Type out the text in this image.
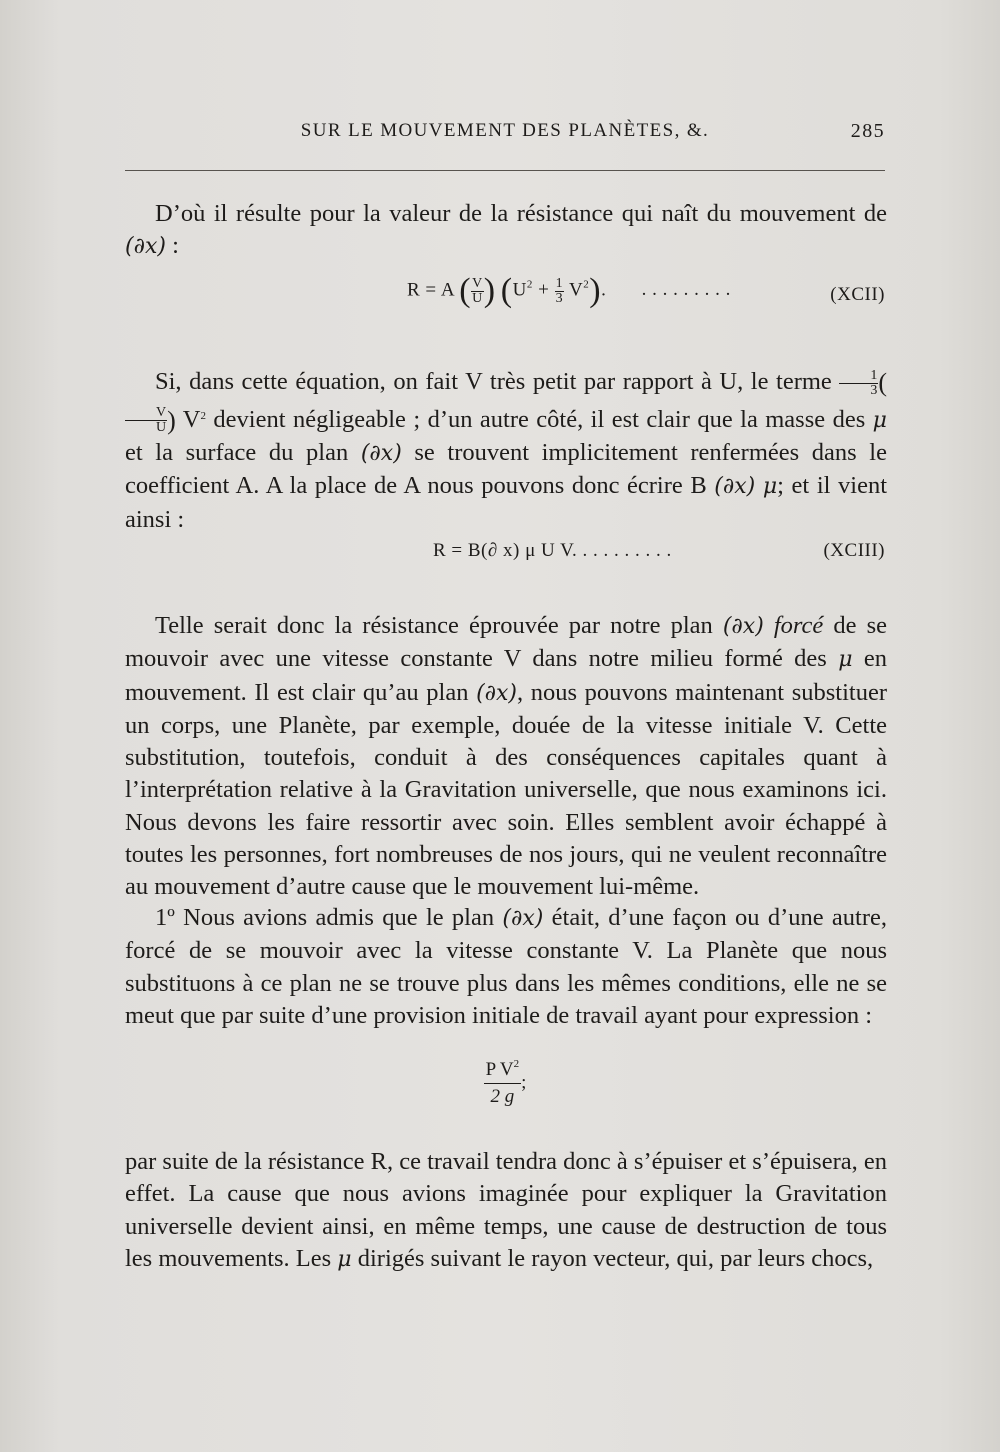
SUR LE MOUVEMENT DES PLANÈTES, &.	285

D’où il résulte pour la valeur de la résistance qui naît du mouvement de (∂x) :

R = A ( $\frac{V}{U}$ ) $(U^2 + \frac{1}{3} V^2)$. . . . . . . . . .	(XCII)

Si, dans cette équation, on fait V très petit par rapport à U, le terme $\frac{1}{3}$ (
$\frac{V}{U}$ ) $V^2$ devient négligeable ; d’un autre côté, il est clair que la masse des μ et la surface du plan (∂x) se trouvent implicitement renfermées dans le coefficient A. A la place de A nous pouvons donc écrire B (∂x) μ; et il vient ainsi :

R = B(∂ x) μ U V. . . . . . . . . .	(XCIII)

Telle serait donc la résistance éprouvée par notre plan (∂x) forcé de se mouvoir avec une vitesse constante V dans notre milieu formé des μ en mouvement. Il est clair qu’au plan (∂x), nous pouvons maintenant substituer un corps, une Planète, par exemple, douée de la vitesse initiale V. Cette substitution, toutefois, conduit à des conséquences capitales quant à l’interprétation relative à la Gravitation universelle, que nous examinons ici. Nous devons les faire ressortir avec soin. Elles semblent avoir échappé à toutes les personnes, fort nombreuses de nos jours, qui ne veulent reconnaître au mouvement d’autre cause que le mouvement lui-même.

1º Nous avions admis que le plan (∂x) était, d’une façon ou d’une autre, forcé de se mouvoir avec la vitesse constante V. La Planète que nous substituons à ce plan ne se trouve plus dans les mêmes conditions, elle ne se meut que par suite d’une provision initiale de travail ayant pour expression :

$\frac{P V^2}{2 g}$ ;

par suite de la résistance R, ce travail tendra donc à s’épuiser et s’épuisera, en effet. La cause que nous avions imaginée pour expliquer la Gravitation universelle devient ainsi, en même temps, une cause de destruction de tous les mouvements. Les μ dirigés suivant le rayon vecteur, qui, par leurs chocs,
